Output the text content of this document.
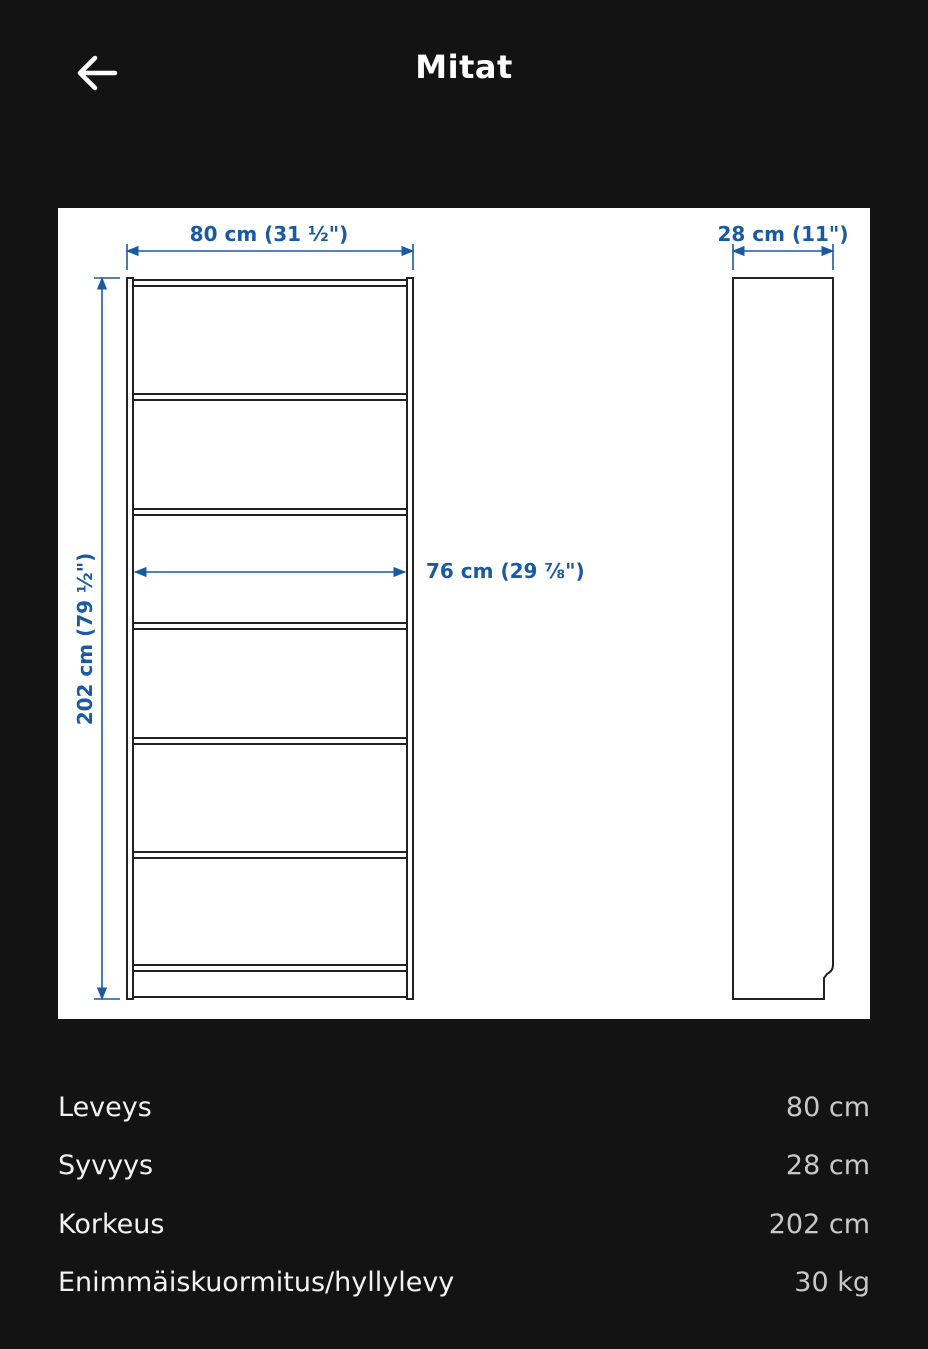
Mitat
80 cm (31 ½")	28 cm (11")
76 cm (29 ⅞")
202 cm (79 ½")
Leveys	80 cm
Syvyys	28 cm
Korkeus	202 cm
Enimmäiskuormitus/hyllylevy	30 kg
